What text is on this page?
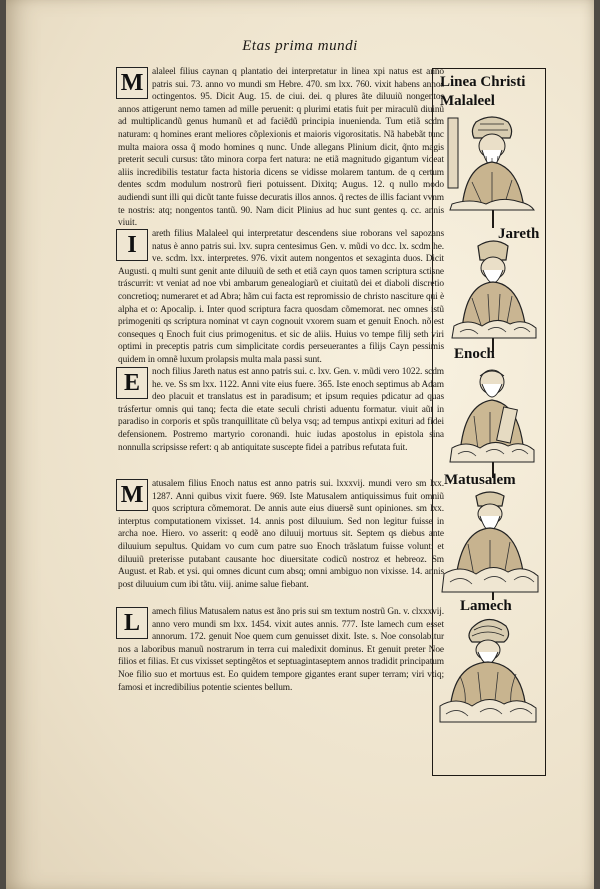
Etas prima mundi

M alaleel filius caynan q plantatio dei interpretatur in linea xpi natus est anno patris sui. 73. anno vo mundi sm Hebre. 470. sm lxx. 760. vixit habens annos octingentos. 95. Dicit Aug. 15. de ciui. dei. q plures ãte diluuiũ nongentos annos attigerunt nemo tamen ad mille peruenit: q plurimi etatis fuit per miraculũ diuinũ ad multiplicandũ genus humanũ et ad faciẽdũ principia inuenienda. Tum etiã scdm naturam: q homines erant meliores cõplexionis et maioris vigorositatis. Nã habebãt tunc multa maiora ossa q̃ modo homines q nunc. Unde allegans Plinium dicit, q̃nto magis preterit seculi cursus: tãto minora corpa fert natura: ne etiã magnitudo gigantum videat aliis incredibilis testatur facta historia dicens se vidisse molarem tantum. de q certum dentes scdm modulum nostrorũ fieri potuissent. Dixitq; Augus. 12. q nullo modo audiendi sunt illi qui dicũt tante fuisse decuratis illos annos. q̃ rectes de illis faciant vvnm te nostris: atq; nongentos tantũ. 90. Nam dicit Plinius ad huc sunt gentes q. cc. annis viuit.

I	areth filius Malaleel qui interpretatur descendens siue roborans vel sapozans natus è anno patris sui. lxv. supra centesimus Gen. v. mũdi vo dcc. lx. scdm he. ve. scdm. lxx. interpretes. 976. vixit autem nongentos et sexaginta duos. Dicit Augusti. q multi sunt genit ante diluuiũ de seth et etiã cayn quos tamen scriptura sctisne tráscurrit: vt veniat ad noe vbi ambarum genealogiarũ et ciuitatũ dei et diaboli discretio concretioq; numeraret et ad Abra; hãm cui facta est repromissio de christo nasciture qui è alpha et o: Apocalip. i. Inter quod scriptura facra quosdam cõmemorat. nec omnes istũ primogeniti qs scriptura nominat vt cayn cognouit vxorem suam et genuit Enoch. nõ est conseques q Enoch fuit cius primogenitus. et sic de aliis. Huius vo tempe filij seth viri optimi in preceptis patris cum simplicitate cordis perseuerantes a filijs Cayn pessimis quidem in omnẽ luxum prolapsis multa mala passi sunt.

E	noch filius Jareth natus est anno patris sui. c. lxv. Gen. v. mũdi vero 1022. scdm he. ve. Ss sm lxx. 1122. Anni vite eius fuere. 365. Iste enoch septimus ab Adam deo placuit et translatus est in paradisum; et ipsum requies pdicatur ad quas trásfertur omnis qui tanq; fecta die etate seculi christi aduentu formatur. viuit aũt in paradiso in corporis et spũs tranquillitate cũ belya vsq; ad tempus antixpi exituri ad fidei defensionem. Postremo martyrio coronandi. huic iudas apostolus in epistola sina nonnulla scripsisse refert: q ab antiquitate suscepte fidei a patribus refutata fuit.

M atusalem filius Enoch natus est anno patris sui. lxxxvij. mundi vero sm lxx. 1287. Anni quibus vixit fuere. 969. Iste Matusalem antiquissimus fuit omniũ quos scriptura cõmemorat. De annis aute eius diuersẽ sunt opiniones. sm lxx. interptus computationem vixisset. 14. annis post diluuium. Sed non legitur fuisse in archa noe. Hiero. vo asserit: q eodẽ ano diluuij mortuus sit. Septem qs diebus ante diluuium sepultus. Quidam vo cum cum patre suo Enoch trãslatum fuisse volunt: et diluuiũ preterisse putabant causante hoc diuersitate codicũ nostroz et hebreoz. Sm August. et Rab. et ysi. qui omnes dicunt cum absq; omni ambiguo non vixisse. 14. annis post diluuium cum ibi tãtu. viij. anime salue fiebant.

L	amech filius Matusalem natus est ãno pris sui sm textum nostrũ Gn. v. clxxxvij. anno vero mundi sm lxx. 1454. vixit autes annis. 777. Iste lamech cum esset annorum. 172. genuit Noe quem cum genuisset dixit. Iste. s. Noe consolabitur nos a laboribus manuũ nostrarum in terra cui maledixit dominus. Et genuit preter Noe filios et filias. Et cus vixisset septingẽtos et septuagintaseptem annos tradidit principatum Noe filio suo et mortuus est. Eo quidem tempore gigantes erant super terram; viri vtiq; famosi et incredibilius potentie scientes bellum.

Linea Christi
Malaleel
Jareth
Enoch
Matusalem
Lamech
